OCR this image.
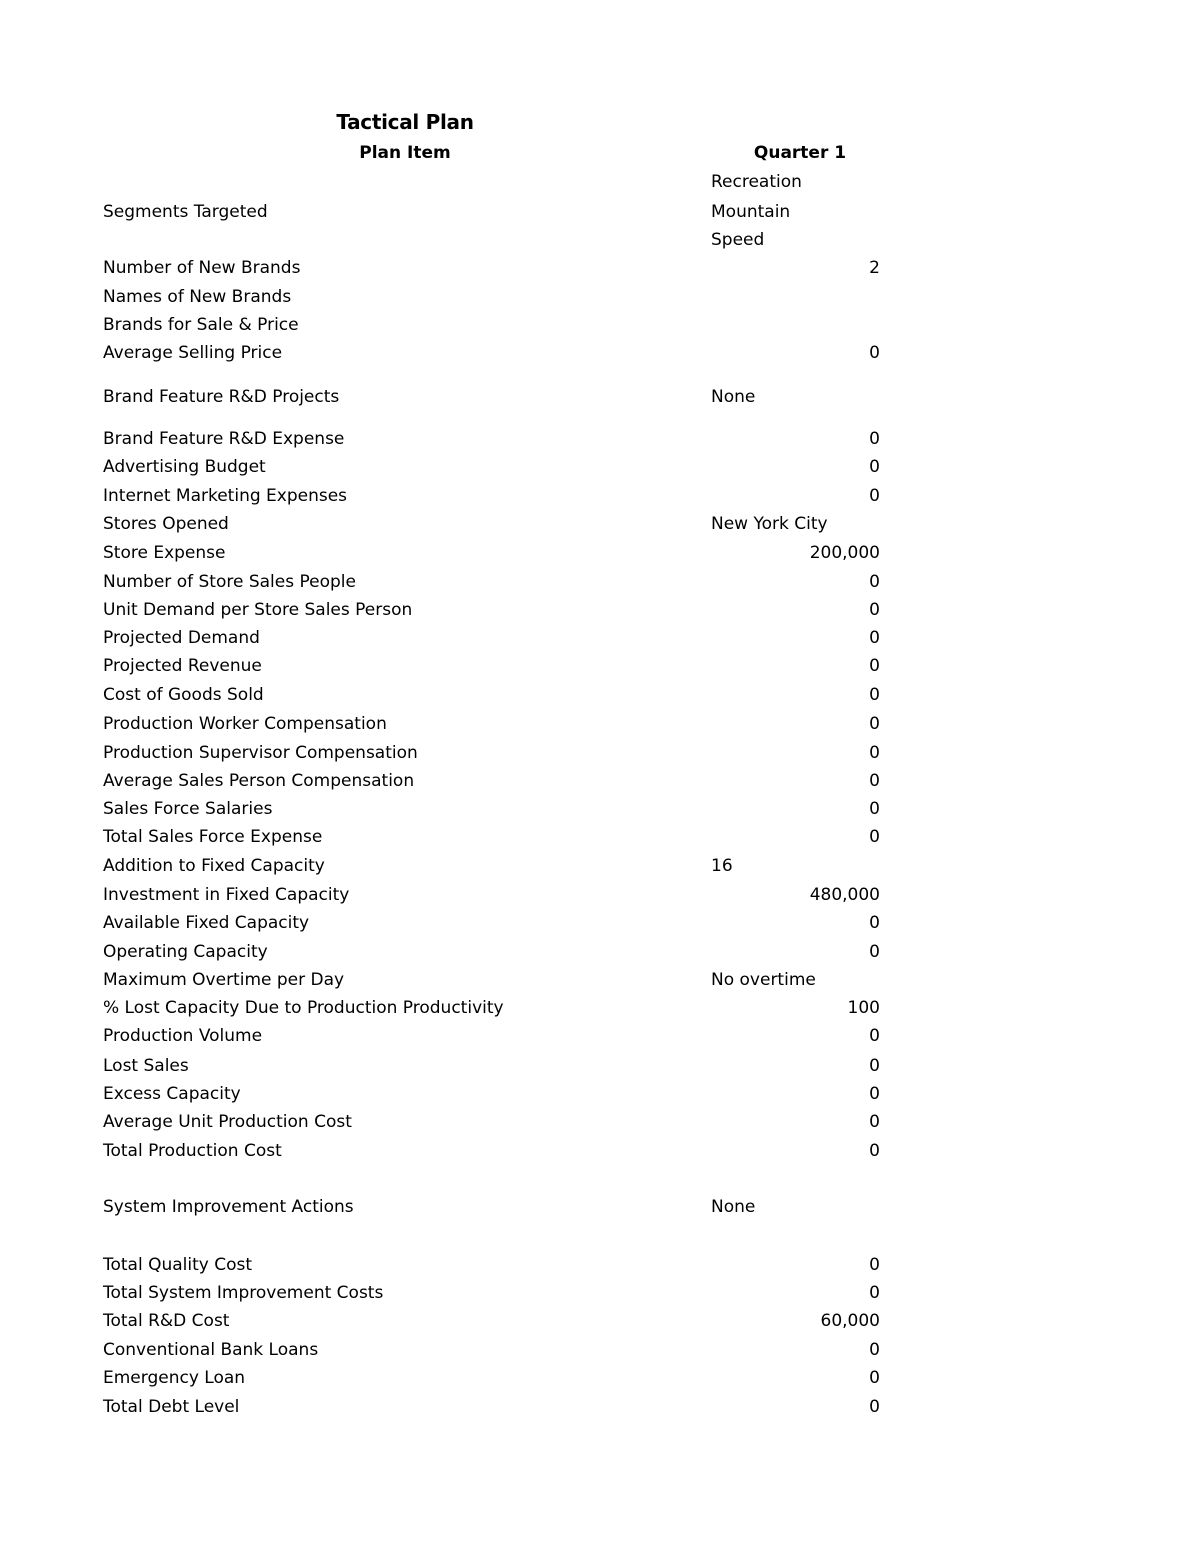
Tactical Plan
Plan Item	Quarter 1
Recreation
Segments Targeted	Mountain
Speed
Number of New Brands	2
Names of New Brands
Brands for Sale & Price
Average Selling Price	0
Brand Feature R&D Projects	None
Brand Feature R&D Expense	0
Advertising Budget	0
Internet Marketing Expenses	0
Stores Opened	New York City
Store Expense	200,000
Number of Store Sales People	0
Unit Demand per Store Sales Person	0
Projected Demand	0
Projected Revenue	0
Cost of Goods Sold	0
Production Worker Compensation	0
Production Supervisor Compensation	0
Average Sales Person Compensation	0
Sales Force Salaries	0
Total Sales Force Expense	0
Addition to Fixed Capacity	16
Investment in Fixed Capacity	480,000
Available Fixed Capacity	0
Operating Capacity	0
Maximum Overtime per Day	No overtime
% Lost Capacity Due to Production Productivity	100
Production Volume	0
Lost Sales	0
Excess Capacity	0
Average Unit Production Cost	0
Total Production Cost	0
System Improvement Actions	None
Total Quality Cost	0
Total System Improvement Costs	0
Total R&D Cost	60,000
Conventional Bank Loans	0
Emergency Loan	0
Total Debt Level	0
